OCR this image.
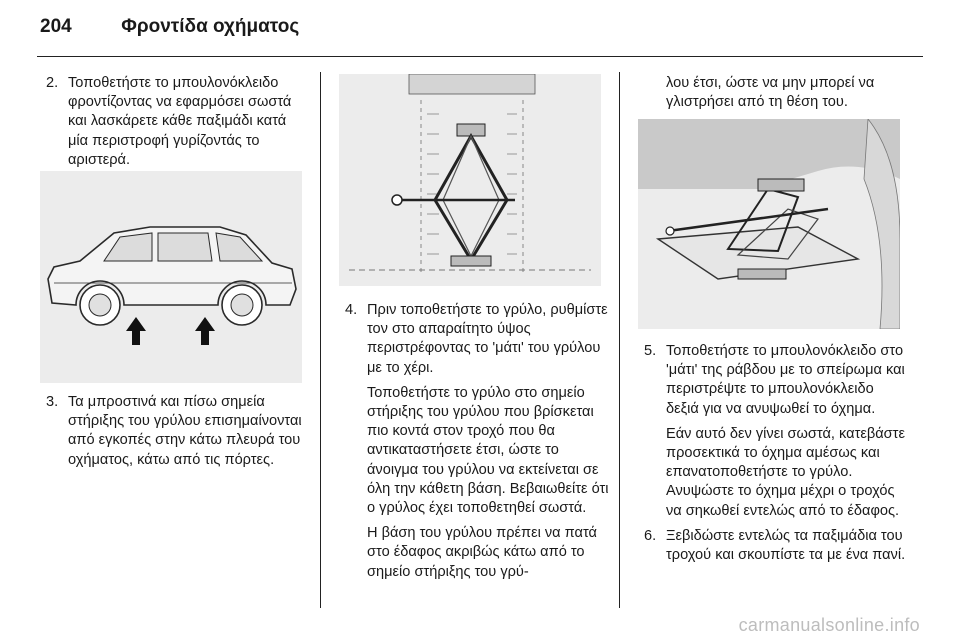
204	Φροντίδα οχήματος

2. Τοποθετήστε το μπουλονόκλειδο φροντίζοντας να εφαρμόσει σωστά και λασκάρετε κάθε παξιμάδι κατά μία περιστροφή γυρίζοντάς το αριστερά.

3. Τα μπροστινά και πίσω σημεία στήριξης του γρύλου επισημαίνονται από εγκοπές στην κάτω πλευρά του οχήματος, κάτω από τις πόρτες.

4. Πριν τοποθετήστε το γρύλο, ρυθμίστε τον στο απαραίτητο ύψος περιστρέφοντας το 'μάτι' του γρύλου με το χέρι.

Τοποθετήστε το γρύλο στο σημείο στήριξης του γρύλου που βρίσκεται πιο κοντά στον τροχό που θα αντικαταστήσετε έτσι, ώστε το άνοιγμα του γρύλου να εκτείνεται σε όλη την κάθετη βάση. Βεβαιωθείτε ότι ο γρύλος έχει τοποθετηθεί σωστά.

Η βάση του γρύλου πρέπει να πατά στο έδαφος ακριβώς κάτω από το σημείο στήριξης του γρύ-

λου έτσι, ώστε να μην μπορεί να γλιστρήσει από τη θέση του.

5. Τοποθετήστε το μπουλονόκλειδο στο 'μάτι' της ράβδου με το σπείρωμα και περιστρέψτε το μπουλονόκλειδο δεξιά για να ανυψωθεί το όχημα.

Εάν αυτό δεν γίνει σωστά, κατεβάστε προσεκτικά το όχημα αμέσως και επανατοποθετήστε το γρύλο. Ανυψώστε το όχημα μέχρι ο τροχός να σηκωθεί εντελώς από το έδαφος.

6. Ξεβιδώστε εντελώς τα παξιμάδια του τροχού και σκουπίστε τα με ένα πανί.

carmanualsonline.info
